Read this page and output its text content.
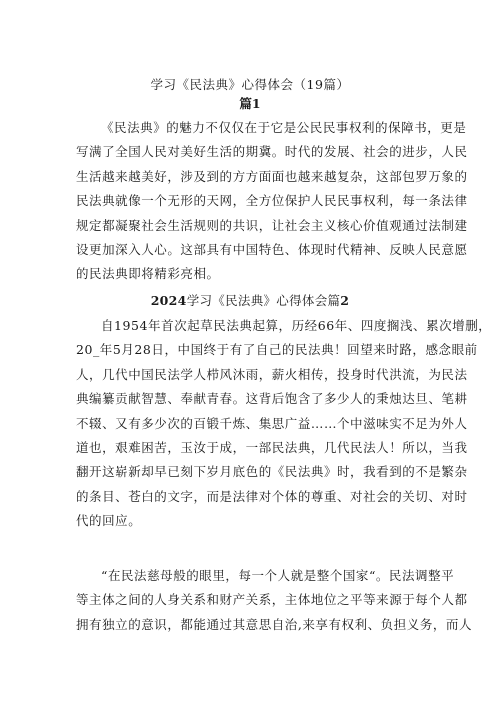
学习《民法典》心得体会（19篇）
篇1
《民法典》的魅力不仅仅在于它是公民民事权利的保障书，更是
写满了全国人民对美好生活的期冀。时代的发展、社会的进步，人民
生活越来越美好，涉及到的方方面面也越来越复杂，这部包罗万象的
民法典就像一个无形的天网，全方位保护人民民事权利，每一条法律
规定都凝聚社会生活规则的共识，让社会主义核心价值观通过法制建
设更加深入人心。这部具有中国特色、体现时代精神、反映人民意愿
的民法典即将精彩亮相。
2024学习《民法典》心得体会篇2
自1954年首次起草民法典起算，历经66年、四度搁浅、累次增删，
20_年5月28日，中国终于有了自己的民法典！回望来时路，感念眼前
人，几代中国民法学人栉风沐雨，薪火相传，投身时代洪流，为民法
典编纂贡献智慧、奉献青春。这背后饱含了多少人的秉烛达旦、笔耕
不辍、又有多少次的百锻千炼、集思广益……个中滋味实不足为外人
道也，艰难困苦，玉汝于成，一部民法典，几代民法人！所以，当我
翻开这崭新却早已刻下岁月底色的《民法典》时，我看到的不是繁杂
的条目、苍白的文字，而是法律对个体的尊重、对社会的关切、对时
代的回应。
“在民法慈母般的眼里，每一个人就是整个国家“。民法调整平
等主体之间的人身关系和财产关系，主体地位之平等来源于每个人都
拥有独立的意识，都能通过其意思自治,来享有权利、负担义务，而人
